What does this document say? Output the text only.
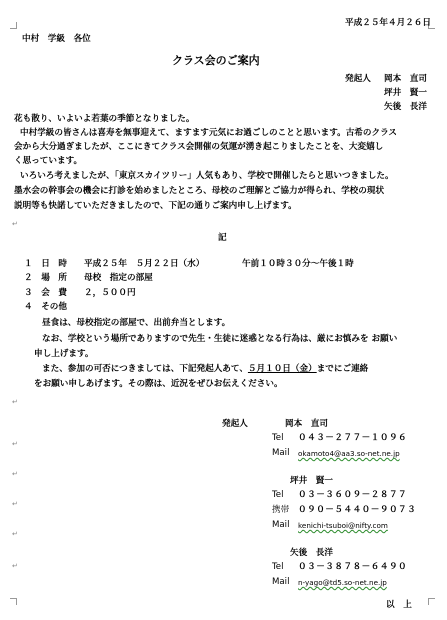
平成２５年４月２６日
中村　学級　各位
クラス会のご案内
発起人 岡本　直司
坪井　賢一
矢後　長洋
花も散り、いよいよ若葉の季節となりました。
中村学級の皆さんは喜寿を無事迎えて、ますます元気にお過ごしのことと思います。古希のクラス
会から大分過ぎましたが、ここにきてクラス会開催の気運が湧き起こりましたことを、大変嬉し
く思っています。
いろいろ考えましたが、「東京スカイツリー」人気もあり、学校で開催したらと思いつきました。
墨水会の幹事会の機会に打診を始めましたところ、母校のご理解とご協力が得られ、学校の現状
説明等も快諾していただきましたので、下記の通りご案内申し上げます。
↵
記
１　日　時 平成２５年　５月２２日（水）	午前１０時３０分～午後１時
２　場　所 母校　指定の部屋
３　会　費 ２，５００円
４　その他
昼食は、母校指定の部屋で、出前弁当とします。
なお、学校という場所でありますので先生・生徒に迷惑となる行為は、厳にお慎みを お願い
申し上げます。
また、参加の可否につきましては、下記発起人あて、５月１０日（金）までにご連絡
をお願い申しあげます。その際は、近況をぜひお伝えください。
↵
発起人	岡本　直司
Tel ０４３－２７７－１０９６
Mail okamoto4@aa3.so-net.ne.jp
坪井　賢一
Tel ０３－３６０９－２８７７
携帯 ０９０－５４４０－９０７３
Mail kenichi-tsuboi@nifty.com
矢後　長洋
Tel ０３－３８７８－６４９０
Mail n-yago@td5.so-net.ne.jp
以　上
↵
↵
↵
↵
↵
